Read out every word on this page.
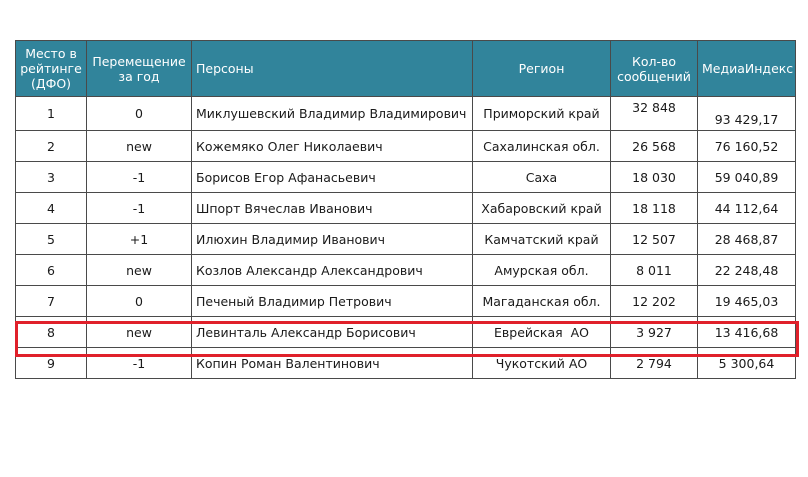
Место в рейтинге (ДФО)	Перемещение за год	Персоны	Регион	Кол-во сообщений	МедиаИндекс
1	0	Миклушевский Владимир Владимирович	Приморский край	32 848	93 429,17
2	new	Кожемяко Олег Николаевич	Сахалинская обл.	26 568	76 160,52
3	-1	Борисов Егор Афанасьевич	Саха	18 030	59 040,89
4	-1	Шпорт Вячеслав Иванович	Хабаровский край	18 118	44 112,64
5	+1	Илюхин Владимир Иванович	Камчатский край	12 507	28 468,87
6	new	Козлов Александр Александрович	Амурская обл.	8 011	22 248,48
7	0	Печеный Владимир Петрович	Магаданская обл.	12 202	19 465,03
8	new	Левинталь Александр Борисович	Еврейская  АО	3 927	13 416,68
9	-1	Копин Роман Валентинович	Чукотский АО	2 794	5 300,64
